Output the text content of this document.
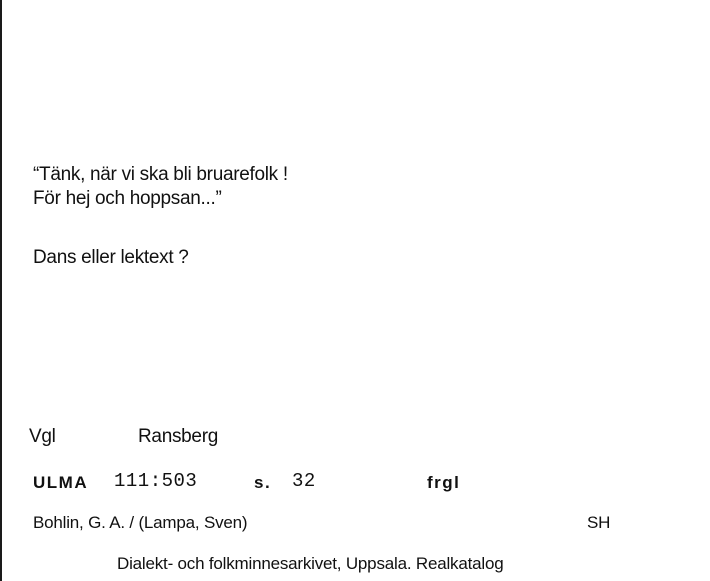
“Tänk, när vi ska bli bruarefolk !
För hej och hoppsan...”
Dans eller lektext ?
Vgl	Ransberg
ULMA 111:503	s. 32	frgl
Bohlin, G. A. / (Lampa, Sven)	SH
Dialekt- och folkminnesarkivet, Uppsala. Realkatalog
